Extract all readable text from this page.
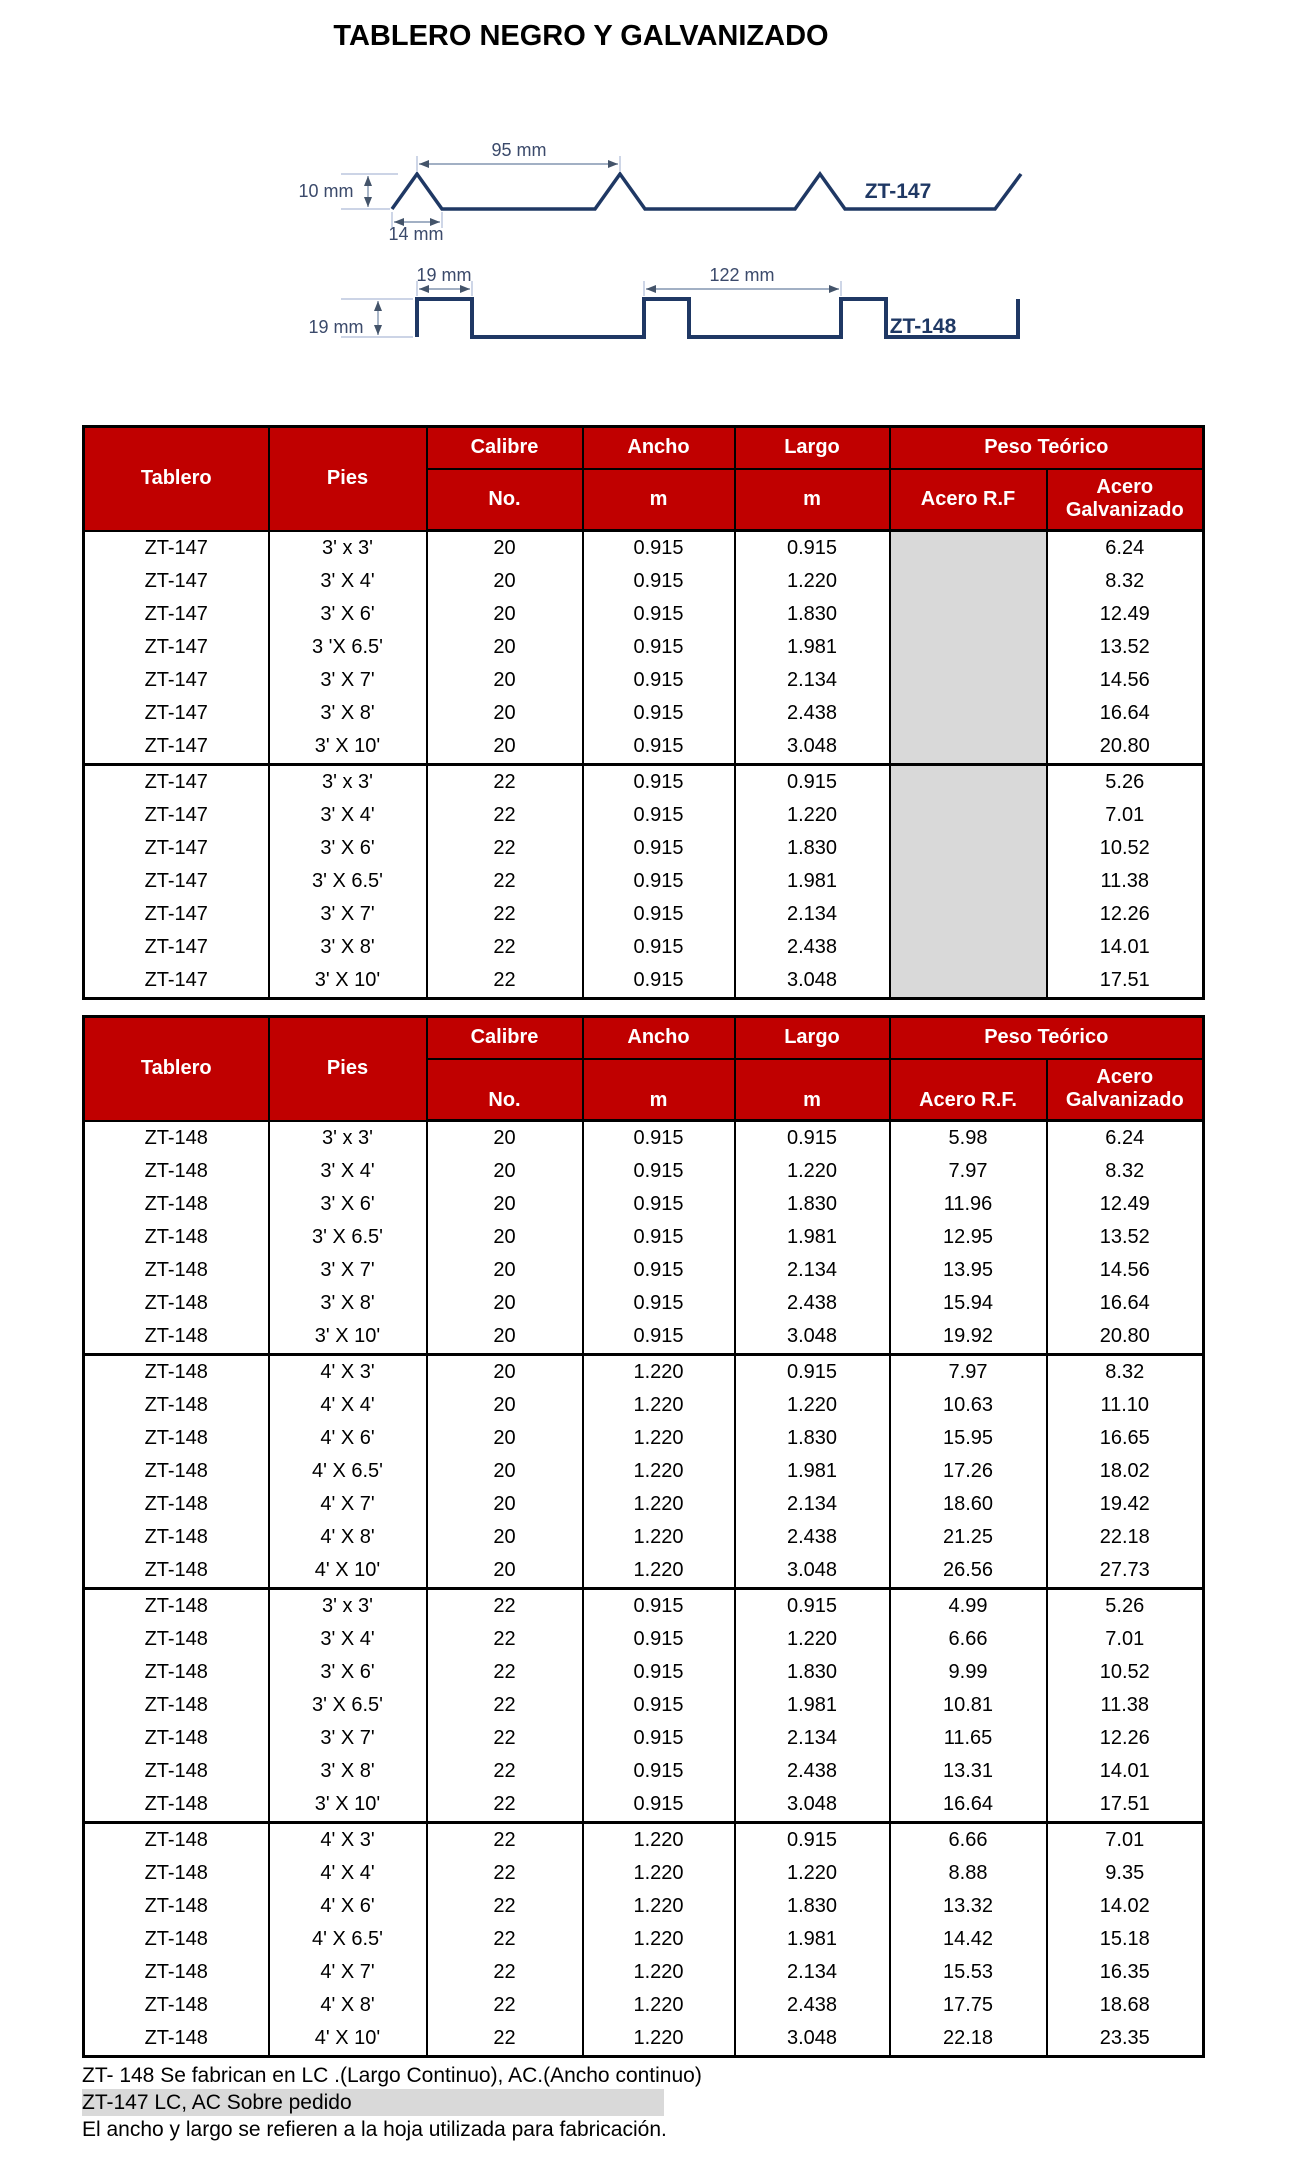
TABLERO NEGRO Y GALVANIZADO
95 mm
10 mm
14 mm
ZT-147
19 mm	122 mm
19 mm	ZT-148
Tablero	Pies	Calibre	Ancho	Largo	Peso Teórico	
		No.	m	m	Acero R.F	Acero Galvanizado
ZT-147	3' x 3'	20	0.915	0.915		6.24
ZT-147	3' X 4'	20	0.915	1.220		8.32
ZT-147	3' X 6'	20	0.915	1.830		12.49
ZT-147	3 'X 6.5'	20	0.915	1.981		13.52
ZT-147	3' X 7'	20	0.915	2.134		14.56
ZT-147	3' X 8'	20	0.915	2.438		16.64
ZT-147	3' X 10'	20	0.915	3.048		20.80
ZT-147	3' x 3'	22	0.915	0.915		5.26
ZT-147	3' X 4'	22	0.915	1.220		7.01
ZT-147	3' X 6'	22	0.915	1.830		10.52
ZT-147	3' X 6.5'	22	0.915	1.981		11.38
ZT-147	3' X 7'	22	0.915	2.134		12.26
ZT-147	3' X 8'	22	0.915	2.438		14.01
ZT-147	3' X 10'	22	0.915	3.048		17.51
Tablero	Pies	Calibre	Ancho	Largo	Peso Teórico	
		No.	m	m	Acero R.F.	Acero Galvanizado
ZT-148	3' x 3'	20	0.915	0.915	5.98	6.24
ZT-148	3' X 4'	20	0.915	1.220	7.97	8.32
ZT-148	3' X 6'	20	0.915	1.830	11.96	12.49
ZT-148	3' X 6.5'	20	0.915	1.981	12.95	13.52
ZT-148	3' X 7'	20	0.915	2.134	13.95	14.56
ZT-148	3' X 8'	20	0.915	2.438	15.94	16.64
ZT-148	3' X 10'	20	0.915	3.048	19.92	20.80
ZT-148	4' X 3'	20	1.220	0.915	7.97	8.32
ZT-148	4' X 4'	20	1.220	1.220	10.63	11.10
ZT-148	4' X 6'	20	1.220	1.830	15.95	16.65
ZT-148	4' X 6.5'	20	1.220	1.981	17.26	18.02
ZT-148	4' X 7'	20	1.220	2.134	18.60	19.42
ZT-148	4' X 8'	20	1.220	2.438	21.25	22.18
ZT-148	4' X 10'	20	1.220	3.048	26.56	27.73
ZT-148	3' x 3'	22	0.915	0.915	4.99	5.26
ZT-148	3' X 4'	22	0.915	1.220	6.66	7.01
ZT-148	3' X 6'	22	0.915	1.830	9.99	10.52
ZT-148	3' X 6.5'	22	0.915	1.981	10.81	11.38
ZT-148	3' X 7'	22	0.915	2.134	11.65	12.26
ZT-148	3' X 8'	22	0.915	2.438	13.31	14.01
ZT-148	3' X 10'	22	0.915	3.048	16.64	17.51
ZT-148	4' X 3'	22	1.220	0.915	6.66	7.01
ZT-148	4' X 4'	22	1.220	1.220	8.88	9.35
ZT-148	4' X 6'	22	1.220	1.830	13.32	14.02
ZT-148	4' X 6.5'	22	1.220	1.981	14.42	15.18
ZT-148	4' X 7'	22	1.220	2.134	15.53	16.35
ZT-148	4' X 8'	22	1.220	2.438	17.75	18.68
ZT-148	4' X 10'	22	1.220	3.048	22.18	23.35
ZT- 148 Se fabrican en LC .(Largo Continuo), AC.(Ancho continuo)
ZT-147 LC, AC Sobre pedido
El ancho y largo se refieren a la hoja utilizada para fabricación.
